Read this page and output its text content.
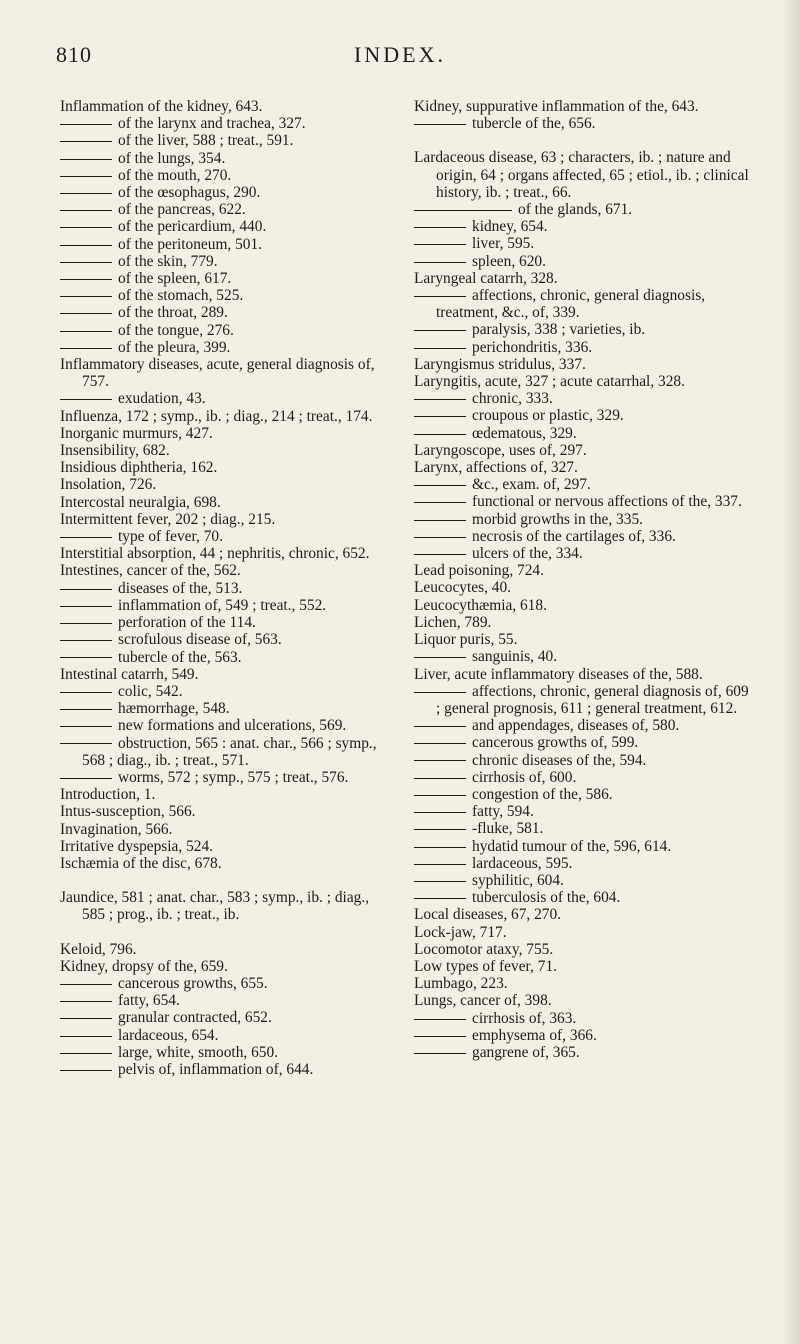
810	INDEX.
Inflammation of the kidney, 643.
of the larynx and trachea, 327.
of the liver, 588 ; treat., 591.
of the lungs, 354.
of the mouth, 270.
of the œsophagus, 290.
of the pancreas, 622.
of the pericardium, 440.
of the peritoneum, 501.
of the skin, 779.
of the spleen, 617.
of the stomach, 525.
of the throat, 289.
of the tongue, 276.
of the pleura, 399.
Inflammatory diseases, acute, general diagnosis of, 757.
exudation, 43.
Influenza, 172 ; symp., ib. ; diag., 214 ; treat., 174.
Inorganic murmurs, 427.
Insensibility, 682.
Insidious diphtheria, 162.
Insolation, 726.
Intercostal neuralgia, 698.
Intermittent fever, 202 ; diag., 215.
type of fever, 70.
Interstitial absorption, 44 ; nephritis, chronic, 652.
Intestines, cancer of the, 562.
diseases of the, 513.
inflammation of, 549 ; treat., 552.
perforation of the 114.
scrofulous disease of, 563.
tubercle of the, 563.
Intestinal catarrh, 549.
colic, 542.
hæmorrhage, 548.
new formations and ulcerations, 569.
obstruction, 565 : anat. char., 566 ; symp., 568 ; diag., ib. ; treat., 571.
worms, 572 ; symp., 575 ; treat., 576.
Introduction, 1.
Intus-susception, 566.
Invagination, 566.
Irritative dyspepsia, 524.
Ischæmia of the disc, 678.
Jaundice, 581 ; anat. char., 583 ; symp., ib. ; diag., 585 ; prog., ib. ; treat., ib.
Keloid, 796.
Kidney, dropsy of the, 659.
cancerous growths, 655.
fatty, 654.
granular contracted, 652.
lardaceous, 654.
large, white, smooth, 650.
pelvis of, inflammation of, 644.
Kidney, suppurative inflammation of the, 643.
tubercle of the, 656.
Lardaceous disease, 63 ; characters, ib. ; nature and origin, 64 ; organs affected, 65 ; etiol., ib. ; clinical history, ib. ; treat., 66.
of the glands, 671.
kidney, 654.
liver, 595.
spleen, 620.
Laryngeal catarrh, 328.
affections, chronic, general diagnosis, treatment, &c., of, 339.
paralysis, 338 ; varieties, ib.
perichondritis, 336.
Laryngismus stridulus, 337.
Laryngitis, acute, 327 ; acute catarrhal, 328.
chronic, 333.
croupous or plastic, 329.
œdematous, 329.
Laryngoscope, uses of, 297.
Larynx, affections of, 327.
&c., exam. of, 297.
functional or nervous affections of the, 337.
morbid growths in the, 335.
necrosis of the cartilages of, 336.
ulcers of the, 334.
Lead poisoning, 724.
Leucocytes, 40.
Leucocythæmia, 618.
Lichen, 789.
Liquor puris, 55.
sanguinis, 40.
Liver, acute inflammatory diseases of the, 588.
affections, chronic, general diagnosis of, 609 ; general prognosis, 611 ; general treatment, 612.
and appendages, diseases of, 580.
cancerous growths of, 599.
chronic diseases of the, 594.
cirrhosis of, 600.
congestion of the, 586.
fatty, 594.
-fluke, 581.
hydatid tumour of the, 596, 614.
lardaceous, 595.
syphilitic, 604.
tuberculosis of the, 604.
Local diseases, 67, 270.
Lock-jaw, 717.
Locomotor ataxy, 755.
Low types of fever, 71.
Lumbago, 223.
Lungs, cancer of, 398.
cirrhosis of, 363.
emphysema of, 366.
gangrene of, 365.
